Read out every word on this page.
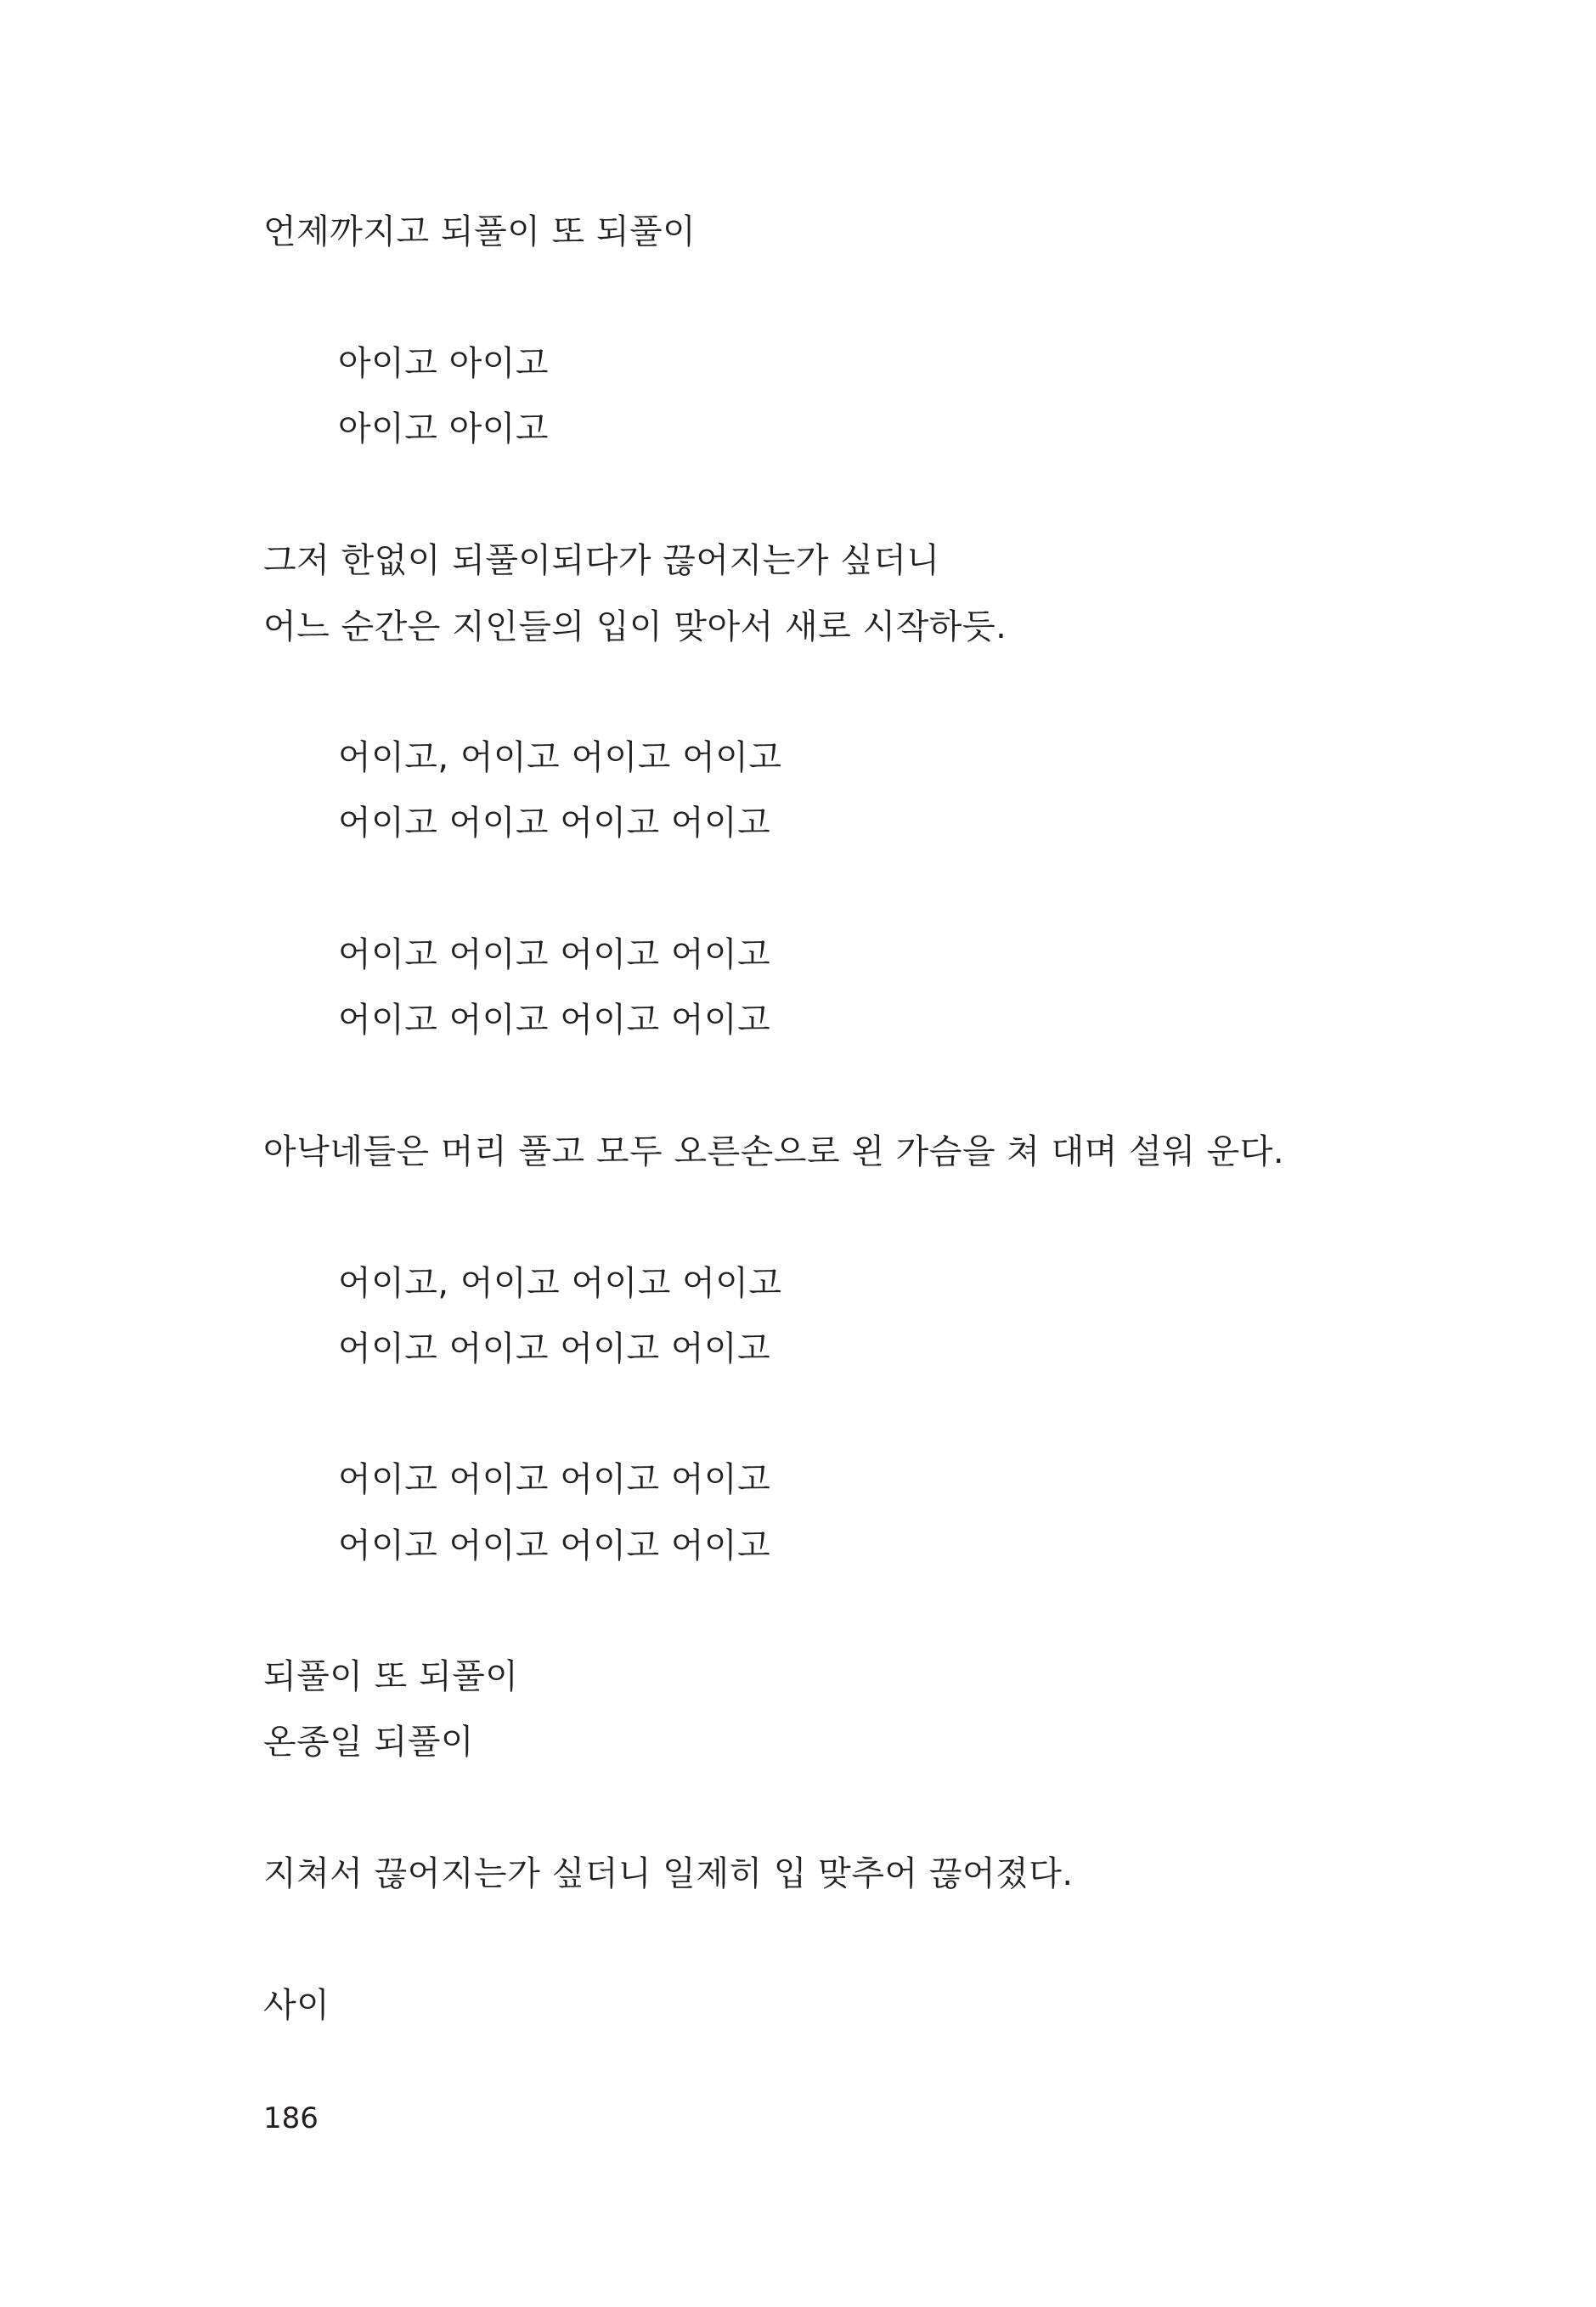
언제까지고 되풀이 또 되풀이
아이고 아이고
아이고 아이고
그저 한없이 되풀이되다가 끊어지는가 싶더니
어느 순간은 지인들의 입이 맞아서 새로 시작하듯.
어이고, 어이고 어이고 어이고
어이고 어이고 어이고 어이고
어이고 어이고 어이고 어이고
어이고 어이고 어이고 어이고
아낙네들은 머리 풀고 모두 오른손으로 왼 가슴을 쳐 대며 설워 운다.
어이고, 어이고 어이고 어이고
어이고 어이고 어이고 어이고
어이고 어이고 어이고 어이고
어이고 어이고 어이고 어이고
되풀이 또 되풀이
온종일 되풀이
지쳐서 끊어지는가 싶더니 일제히 입 맞추어 끊어졌다.
사이
186
